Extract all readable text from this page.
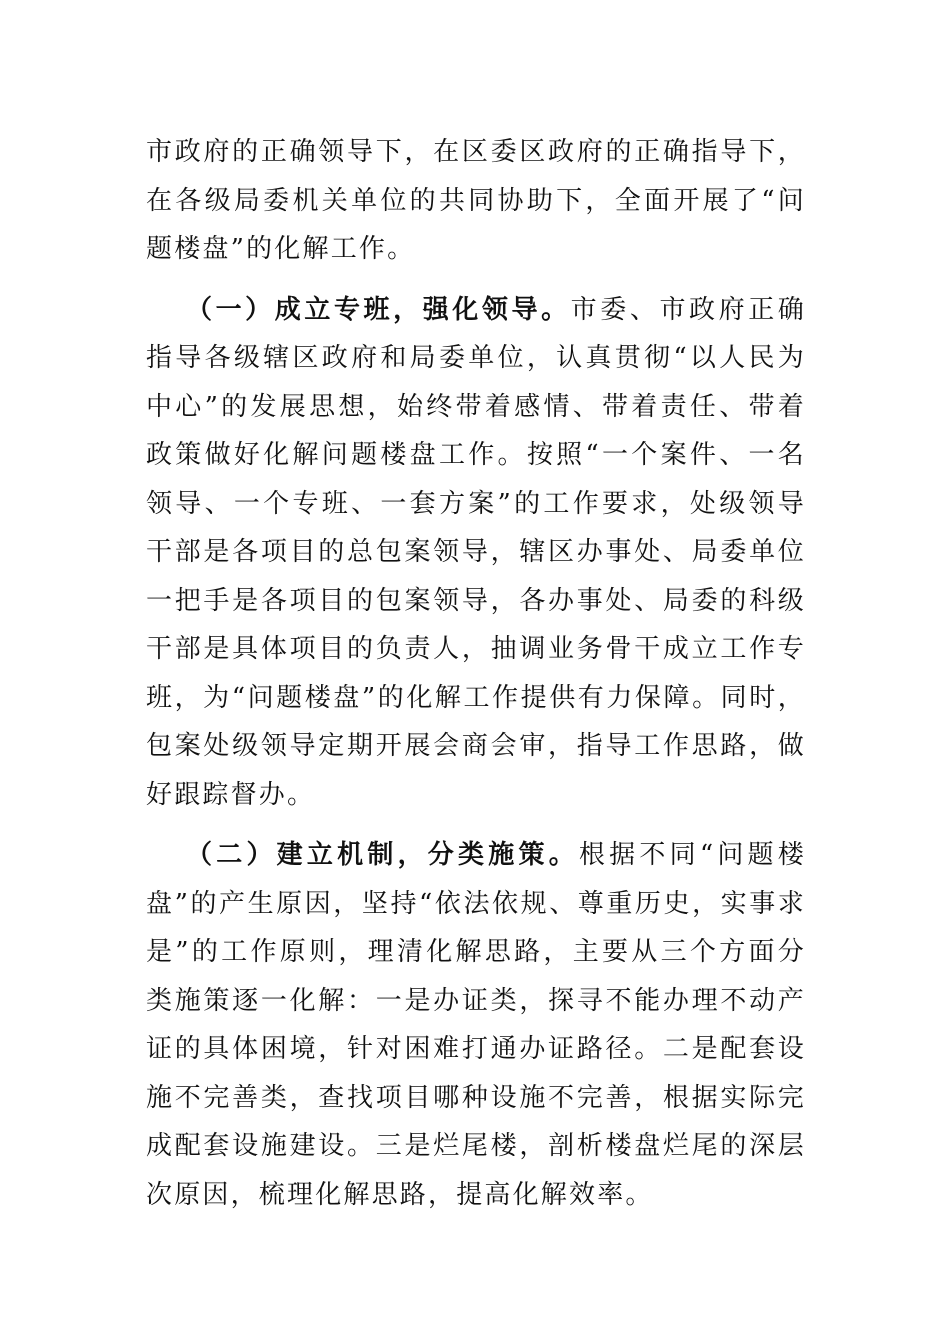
市政府的正确领导下，在区委区政府的正确指导下，在各级局委机关单位的共同协助下，全面开展了“问题楼盘”的化解工作。

（一）成立专班，强化领导。市委、市政府正确指导各级辖区政府和局委单位，认真贯彻“以人民为中心”的发展思想，始终带着感情、带着责任、带着政策做好化解问题楼盘工作。按照“一个案件、一名领导、一个专班、一套方案”的工作要求，处级领导干部是各项目的总包案领导，辖区办事处、局委单位一把手是各项目的包案领导，各办事处、局委的科级干部是具体项目的负责人，抽调业务骨干成立工作专班，为“问题楼盘”的化解工作提供有力保障。同时，包案处级领导定期开展会商会审，指导工作思路，做好跟踪督办。

（二）建立机制，分类施策。根据不同“问题楼盘”的产生原因，坚持“依法依规、尊重历史，实事求是”的工作原则，理清化解思路，主要从三个方面分类施策逐一化解：一是办证类，探寻不能办理不动产证的具体困境，针对困难打通办证路径。二是配套设施不完善类，查找项目哪种设施不完善，根据实际完成配套设施建设。三是烂尾楼，剖析楼盘烂尾的深层次原因，梳理化解思路，提高化解效率。
